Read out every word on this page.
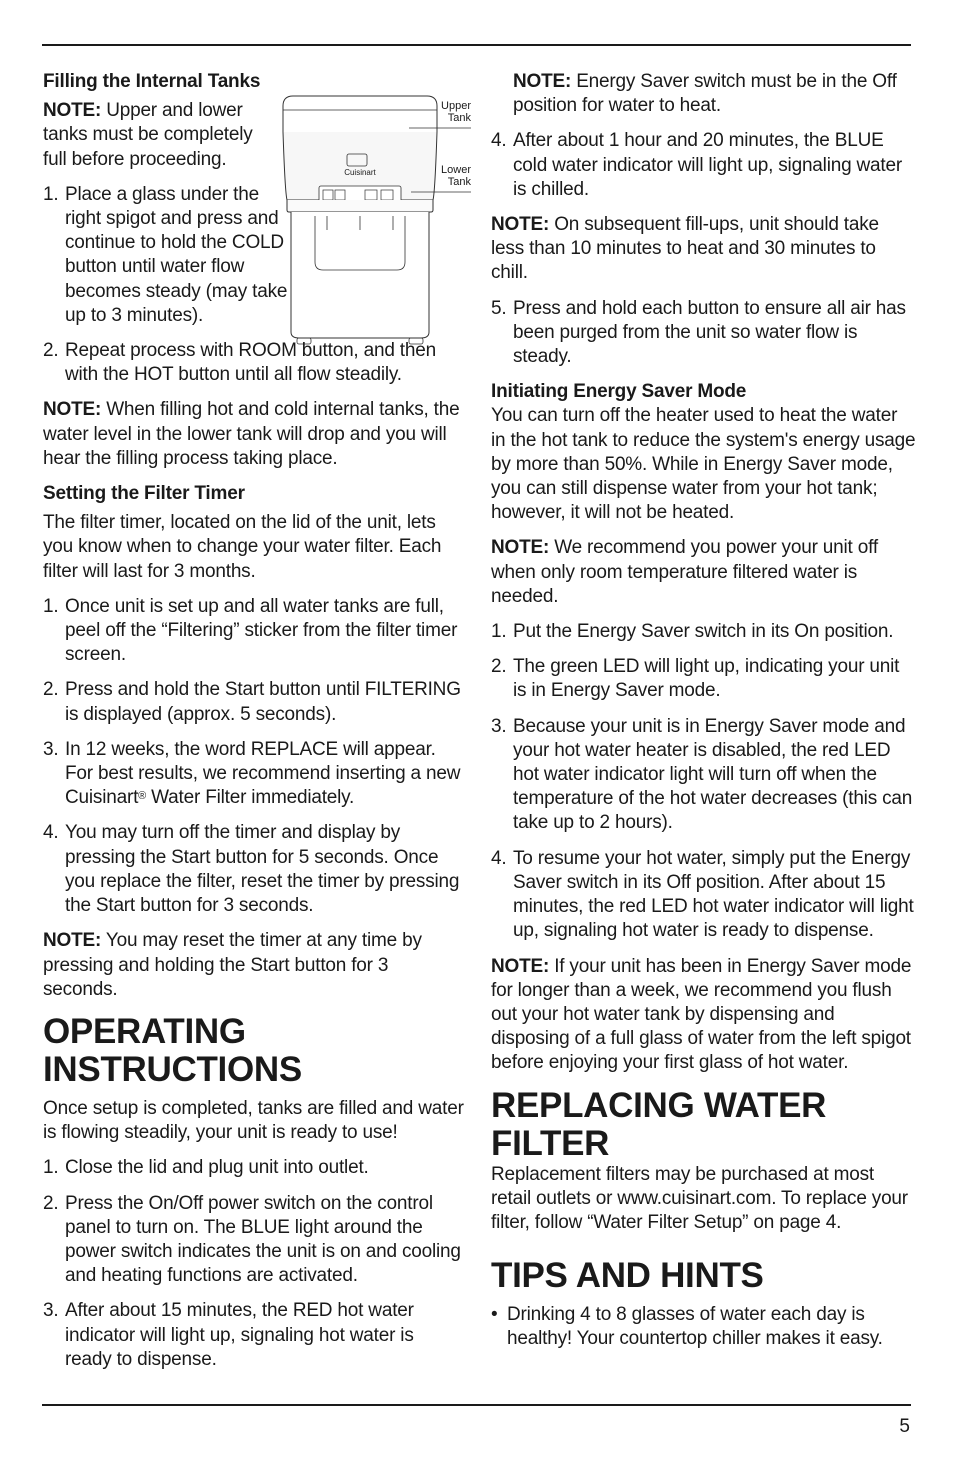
Cuisinart
Upper
Tank
Lower
Tank

Filling the Internal Tanks

NOTE: Upper and lower tanks must be completely full before proceeding.

1. Place a glass under the right spigot and press and continue to hold the COLD button until water flow becomes steady (may take up to 3 minutes).
2. Repeat process with ROOM button, and then with the HOT button until all flow steadily.

NOTE: When filling hot and cold internal tanks, the water level in the lower tank will drop and you will hear the filling process taking place.

Setting the Filter Timer

The filter timer, located on the lid of the unit, lets you know when to change your water filter. Each filter will last for 3 months.

1. Once unit is set up and all water tanks are full, peel off the “Filtering” sticker from the filter timer screen.
2. Press and hold the Start button until FILTERING is displayed (approx. 5 seconds).
3. In 12 weeks, the word REPLACE will appear. For best results, we recommend inserting a new Cuisinart® Water Filter immediately.
4. You may turn off the timer and display by pressing the Start button for 5 seconds. Once you replace the filter, reset the timer by pressing the Start button for 3 seconds.

NOTE: You may reset the timer at any time by pressing and holding the Start button for 3 seconds.

OPERATING INSTRUCTIONS

Once setup is completed, tanks are filled and water is flowing steadily, your unit is ready to use!

1. Close the lid and plug unit into outlet.
2. Press the On/Off power switch on the control panel to turn on. The BLUE light around the power switch indicates the unit is on and cooling and heating functions are activated.
3. After about 15 minutes, the RED hot water indicator will light up, signaling hot water is ready to dispense.

NOTE: Energy Saver switch must be in the Off position for water to heat.

4. After about 1 hour and 20 minutes, the BLUE cold water indicator will light up, signaling water is chilled.

NOTE: On subsequent fill-ups, unit should take less than 10 minutes to heat and 30 minutes to chill.

5. Press and hold each button to ensure all air has been purged from the unit so water flow is steady.

Initiating Energy Saver Mode

You can turn off the heater used to heat the water in the hot tank to reduce the system's energy usage by more than 50%. While in Energy Saver mode, you can still dispense water from your hot tank; however, it will not be heated.

NOTE: We recommend you power your unit off when only room temperature filtered water is needed.

1. Put the Energy Saver switch in its On position.
2. The green LED will light up, indicating your unit is in Energy Saver mode.
3. Because your unit is in Energy Saver mode and your hot water heater is disabled, the red LED hot water indicator light will turn off when the temperature of the hot water decreases (this can take up to 2 hours).
4. To resume your hot water, simply put the Energy Saver switch in its Off position. After about 15 minutes, the red LED hot water indicator will light up, signaling hot water is ready to dispense.

NOTE: If your unit has been in Energy Saver mode for longer than a week, we recommend you flush out your hot water tank by dispensing and disposing of a full glass of water from the left spigot before enjoying your first glass of hot water.

REPLACING WATER FILTER

Replacement filters may be purchased at most retail outlets or www.cuisinart.com. To replace your filter, follow “Water Filter Setup” on page 4.

TIPS AND HINTS
• Drinking 4 to 8 glasses of water each day is healthy! Your countertop chiller makes it easy.
5
